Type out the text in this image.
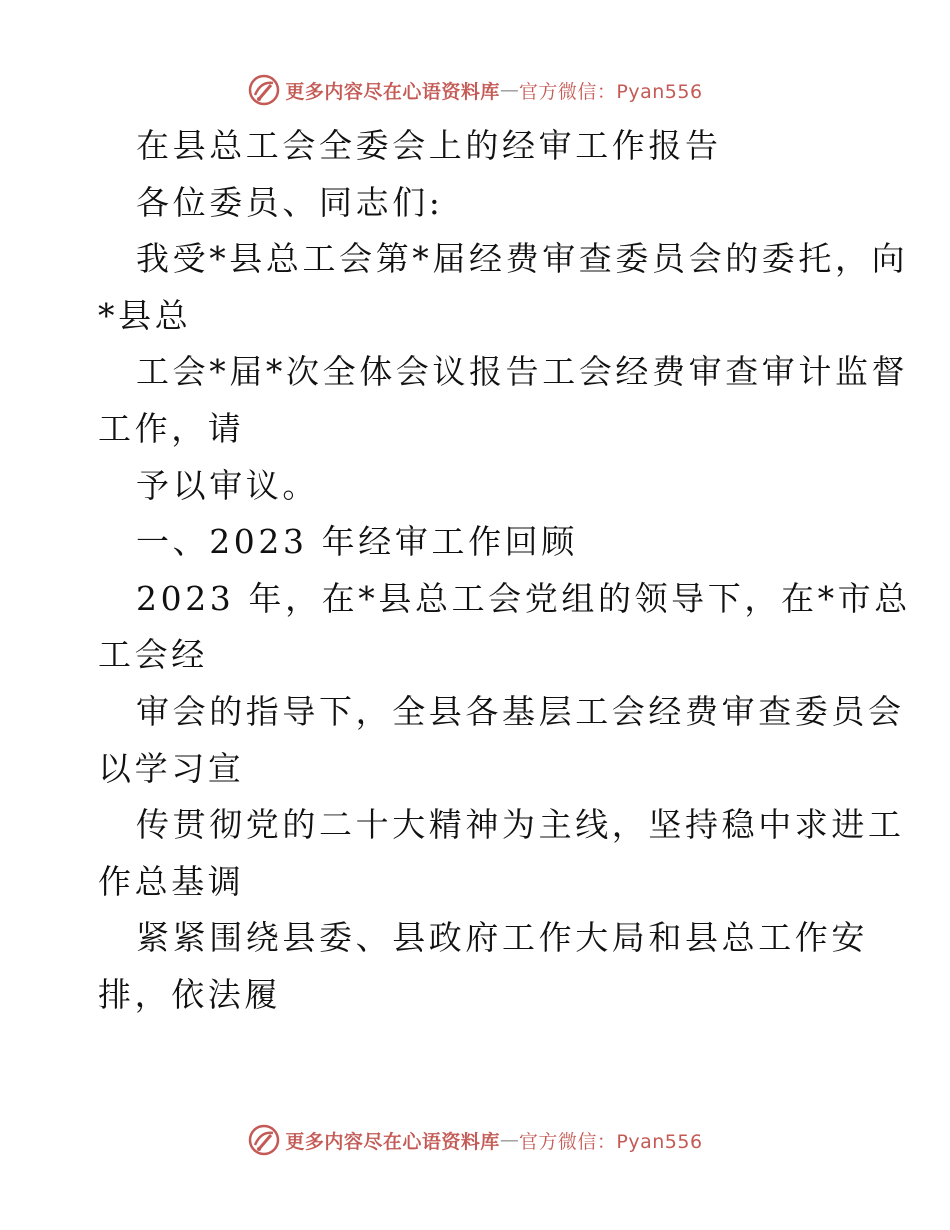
更多内容尽在心语资料库 — 官方微信：Pyan556
在县总工会全委会上的经审工作报告
各位委员、同志们:
我受*县总工会第*届经费审查委员会的委托，向
*县总
工会*届*次全体会议报告工会经费审查审计监督
工作，请
予以审议。
一、2023 年经审工作回顾
2023 年，在*县总工会党组的领导下，在*市总
工会经
审会的指导下，全县各基层工会经费审查委员会
以学习宣
传贯彻党的二十大精神为主线，坚持稳中求进工
作总基调
紧紧围绕县委、县政府工作大局和县总工作安
排，依法履
更多内容尽在心语资料库 — 官方微信：Pyan556
